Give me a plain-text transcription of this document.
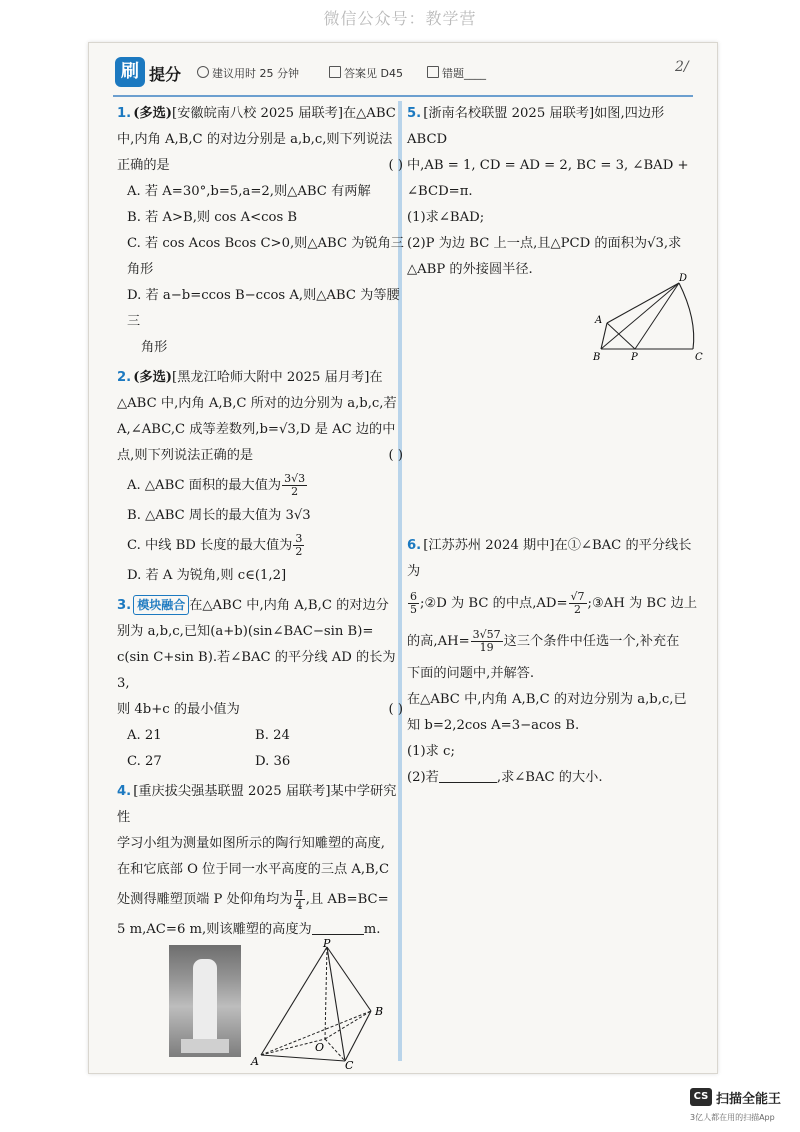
微信公众号：教学营
刷 提分	建议用时 25 分钟	答案见 D45	错题____	2/

1. (多选)[安徽皖南八校 2025 届联考]在△ABC

中,内角 A,B,C 的对边分别是 a,b,c,则下列说法

正确的是	( )

A. 若 A=30°,b=5,a=2,则△ABC 有两解

B. 若 A>B,则 cos A<cos B

C. 若 cos Acos Bcos C>0,则△ABC 为锐角三角形

D. 若 a−b=ccos B−ccos A,则△ABC 为等腰三

角形

2. (多选)[黑龙江哈师大附中 2025 届月考]在

△ABC 中,内角 A,B,C 所对的边分别为 a,b,c,若

A,∠ABC,C 成等差数列,b=√3,D 是 AC 边的中

点,则下列说法正确的是	( )

A. △ABC 面积的最大值为 $\frac{3√3}{2}$

B. △ABC 周长的最大值为 3√3

C. 中线 BD 长度的最大值为 $\frac{3}{2}$

D. 若 A 为锐角,则 c∈(1,2]

3. 模块融合 在△ABC 中,内角 A,B,C 的对边分

别为 a,b,c,已知(a+b)(sin∠BAC−sin B)=

c(sin C+sin B).若∠BAC 的平分线 AD 的长为 3,

则 4b+c 的最小值为	( )

A. 21	B. 24

C. 27	D. 36

4. [重庆拔尖强基联盟 2025 届联考]某中学研究性

学习小组为测量如图所示的陶行知雕塑的高度,

在和它底部 O 位于同一水平高度的三点 A,B,C

处测得雕塑顶端 P 处仰角均为 $\frac{\pi}{4}$ ,且 AB=BC=

5 m,AC=6 m,则该雕塑的高度为	m.

P
A
B
C
O

5. [浙南名校联盟 2025 届联考]如图,四边形 ABCD

中,AB = 1, CD = AD = 2, BC = 3, ∠BAD +

∠BCD=π.

(1)求∠BAD;

(2)P 为边 BC 上一点,且△PCD 的面积为√3,求

△ABP 的外接圆半径.

D
A
B	P	C

6. [江苏苏州 2024 期中]在①∠BAC 的平分线长为

$\frac{6}{5}$ ;②D 为 BC 的中点$,AD= \frac{√7}{2}$ ;③AH 为 BC 边上

的高$,AH= \frac{3√57}{19}$ 这三个条件中任选一个,补充在

下面的问题中,并解答.

在△ABC 中,内角 A,B,C 的对边分别为 a,b,c,已

知 b=2,2cos A=3−acos B.

(1)求 c;

(2)若	,求∠BAC 的大小.

CS 扫描全能王
3亿人都在用的扫描App
